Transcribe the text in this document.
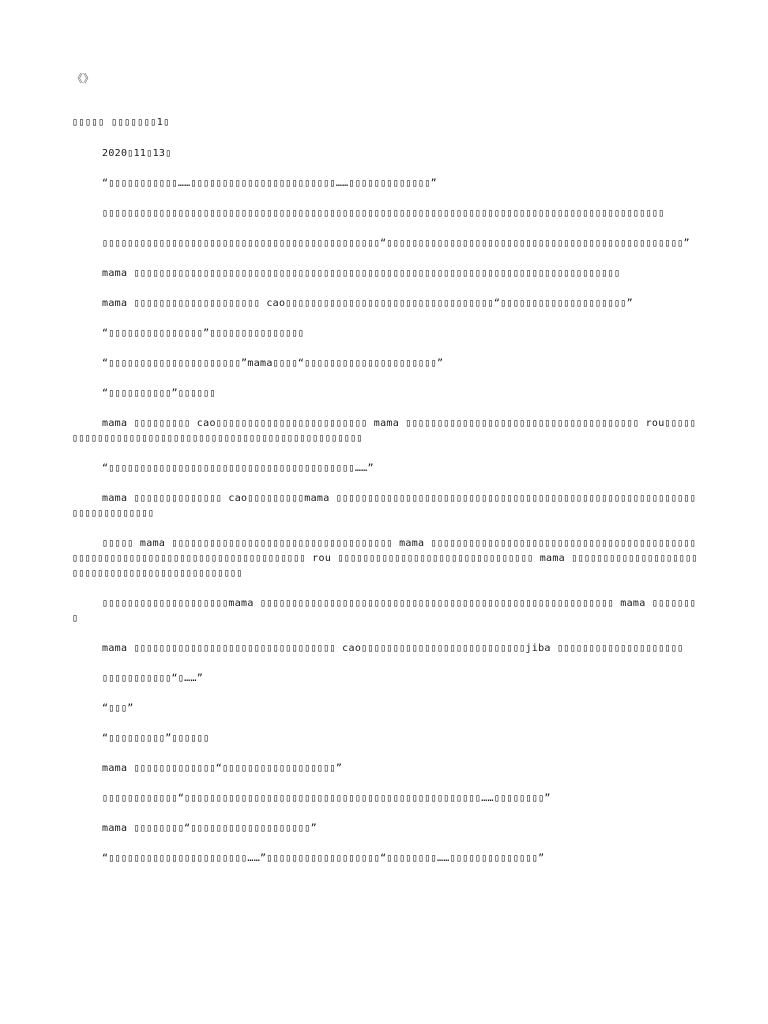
《》
▯▯▯▯▯ ▯▯▯▯▯▯▯1▯
2020▯11▯13▯
“▯▯▯▯▯▯▯▯▯▯▯……▯▯▯▯▯▯▯▯▯▯▯▯▯▯▯▯▯▯▯▯▯▯▯……▯▯▯▯▯▯▯▯▯▯▯▯▯”
▯▯▯▯▯▯▯▯▯▯▯▯▯▯▯▯▯▯▯▯▯▯▯▯▯▯▯▯▯▯▯▯▯▯▯▯▯▯▯▯▯▯▯▯▯▯▯▯▯▯▯▯▯▯▯▯▯▯▯▯▯▯▯▯▯▯▯▯▯▯▯▯▯▯▯▯▯▯▯▯▯▯▯▯▯▯▯▯▯
▯▯▯▯▯▯▯▯▯▯▯▯▯▯▯▯▯▯▯▯▯▯▯▯▯▯▯▯▯▯▯▯▯▯▯▯▯▯▯▯▯▯▯▯“▯▯▯▯▯▯▯▯▯▯▯▯▯▯▯▯▯▯▯▯▯▯▯▯▯▯▯▯▯▯▯▯▯▯▯▯▯▯▯▯▯▯▯▯▯▯▯”
mama ▯▯▯▯▯▯▯▯▯▯▯▯▯▯▯▯▯▯▯▯▯▯▯▯▯▯▯▯▯▯▯▯▯▯▯▯▯▯▯▯▯▯▯▯▯▯▯▯▯▯▯▯▯▯▯▯▯▯▯▯▯▯▯▯▯▯▯▯▯▯▯▯▯▯▯▯▯
mama ▯▯▯▯▯▯▯▯▯▯▯▯▯▯▯▯▯▯▯▯ cao▯▯▯▯▯▯▯▯▯▯▯▯▯▯▯▯▯▯▯▯▯▯▯▯▯▯▯▯▯▯▯▯▯“▯▯▯▯▯▯▯▯▯▯▯▯▯▯▯▯▯▯▯▯”
“▯▯▯▯▯▯▯▯▯▯▯▯▯▯▯”▯▯▯▯▯▯▯▯▯▯▯▯▯▯▯
“▯▯▯▯▯▯▯▯▯▯▯▯▯▯▯▯▯▯▯▯▯”mama▯▯▯▯“▯▯▯▯▯▯▯▯▯▯▯▯▯▯▯▯▯▯▯▯▯”
“▯▯▯▯▯▯▯▯▯▯”▯▯▯▯▯▯
mama ▯▯▯▯▯▯▯▯▯ cao▯▯▯▯▯▯▯▯▯▯▯▯▯▯▯▯▯▯▯▯▯▯▯▯ mama ▯▯▯▯▯▯▯▯▯▯▯▯▯▯▯▯▯▯▯▯▯▯▯▯▯▯▯▯▯▯▯▯▯▯▯▯▯ rou▯▯▯▯▯▯▯▯▯▯▯▯▯▯▯▯▯▯▯▯▯▯▯▯▯▯▯▯▯▯▯▯▯▯▯▯▯▯▯▯▯▯▯▯▯▯▯▯▯▯▯
“▯▯▯▯▯▯▯▯▯▯▯▯▯▯▯▯▯▯▯▯▯▯▯▯▯▯▯▯▯▯▯▯▯▯▯▯▯▯▯……”
mama ▯▯▯▯▯▯▯▯▯▯▯▯▯▯ cao▯▯▯▯▯▯▯▯▯mama ▯▯▯▯▯▯▯▯▯▯▯▯▯▯▯▯▯▯▯▯▯▯▯▯▯▯▯▯▯▯▯▯▯▯▯▯▯▯▯▯▯▯▯▯▯▯▯▯▯▯▯▯▯▯▯▯▯▯▯▯▯▯▯▯▯▯▯▯▯▯
▯▯▯▯▯ mama ▯▯▯▯▯▯▯▯▯▯▯▯▯▯▯▯▯▯▯▯▯▯▯▯▯▯▯▯▯▯▯▯▯▯▯ mama ▯▯▯▯▯▯▯▯▯▯▯▯▯▯▯▯▯▯▯▯▯▯▯▯▯▯▯▯▯▯▯▯▯▯▯▯▯▯▯▯▯▯▯▯▯▯▯▯▯▯▯▯▯▯▯▯▯▯▯▯▯▯▯▯▯▯▯▯▯▯▯▯▯▯▯▯▯▯▯ rou ▯▯▯▯▯▯▯▯▯▯▯▯▯▯▯▯▯▯▯▯▯▯▯▯▯▯▯▯▯▯▯ mama ▯▯▯▯▯▯▯▯▯▯▯▯▯▯▯▯▯▯▯▯▯▯▯▯▯▯▯▯▯▯▯▯▯▯▯▯▯▯▯▯▯▯▯▯▯▯▯
▯▯▯▯▯▯▯▯▯▯▯▯▯▯▯▯▯▯▯▯mama ▯▯▯▯▯▯▯▯▯▯▯▯▯▯▯▯▯▯▯▯▯▯▯▯▯▯▯▯▯▯▯▯▯▯▯▯▯▯▯▯▯▯▯▯▯▯▯▯▯▯▯▯▯▯▯▯ mama ▯▯▯▯▯▯▯▯
mama ▯▯▯▯▯▯▯▯▯▯▯▯▯▯▯▯▯▯▯▯▯▯▯▯▯▯▯▯▯▯▯▯ cao▯▯▯▯▯▯▯▯▯▯▯▯▯▯▯▯▯▯▯▯▯▯▯▯▯▯jiba ▯▯▯▯▯▯▯▯▯▯▯▯▯▯▯▯▯▯▯▯
▯▯▯▯▯▯▯▯▯▯▯“▯……”
“▯▯▯”
“▯▯▯▯▯▯▯▯▯”▯▯▯▯▯▯
mama ▯▯▯▯▯▯▯▯▯▯▯▯▯“▯▯▯▯▯▯▯▯▯▯▯▯▯▯▯▯▯▯”
▯▯▯▯▯▯▯▯▯▯▯▯“▯▯▯▯▯▯▯▯▯▯▯▯▯▯▯▯▯▯▯▯▯▯▯▯▯▯▯▯▯▯▯▯▯▯▯▯▯▯▯▯▯▯▯▯▯▯▯……▯▯▯▯▯▯▯▯”
mama ▯▯▯▯▯▯▯▯“▯▯▯▯▯▯▯▯▯▯▯▯▯▯▯▯▯▯▯”
“▯▯▯▯▯▯▯▯▯▯▯▯▯▯▯▯▯▯▯▯▯▯……”▯▯▯▯▯▯▯▯▯▯▯▯▯▯▯▯▯▯“▯▯▯▯▯▯▯▯……▯▯▯▯▯▯▯▯▯▯▯▯▯▯”
